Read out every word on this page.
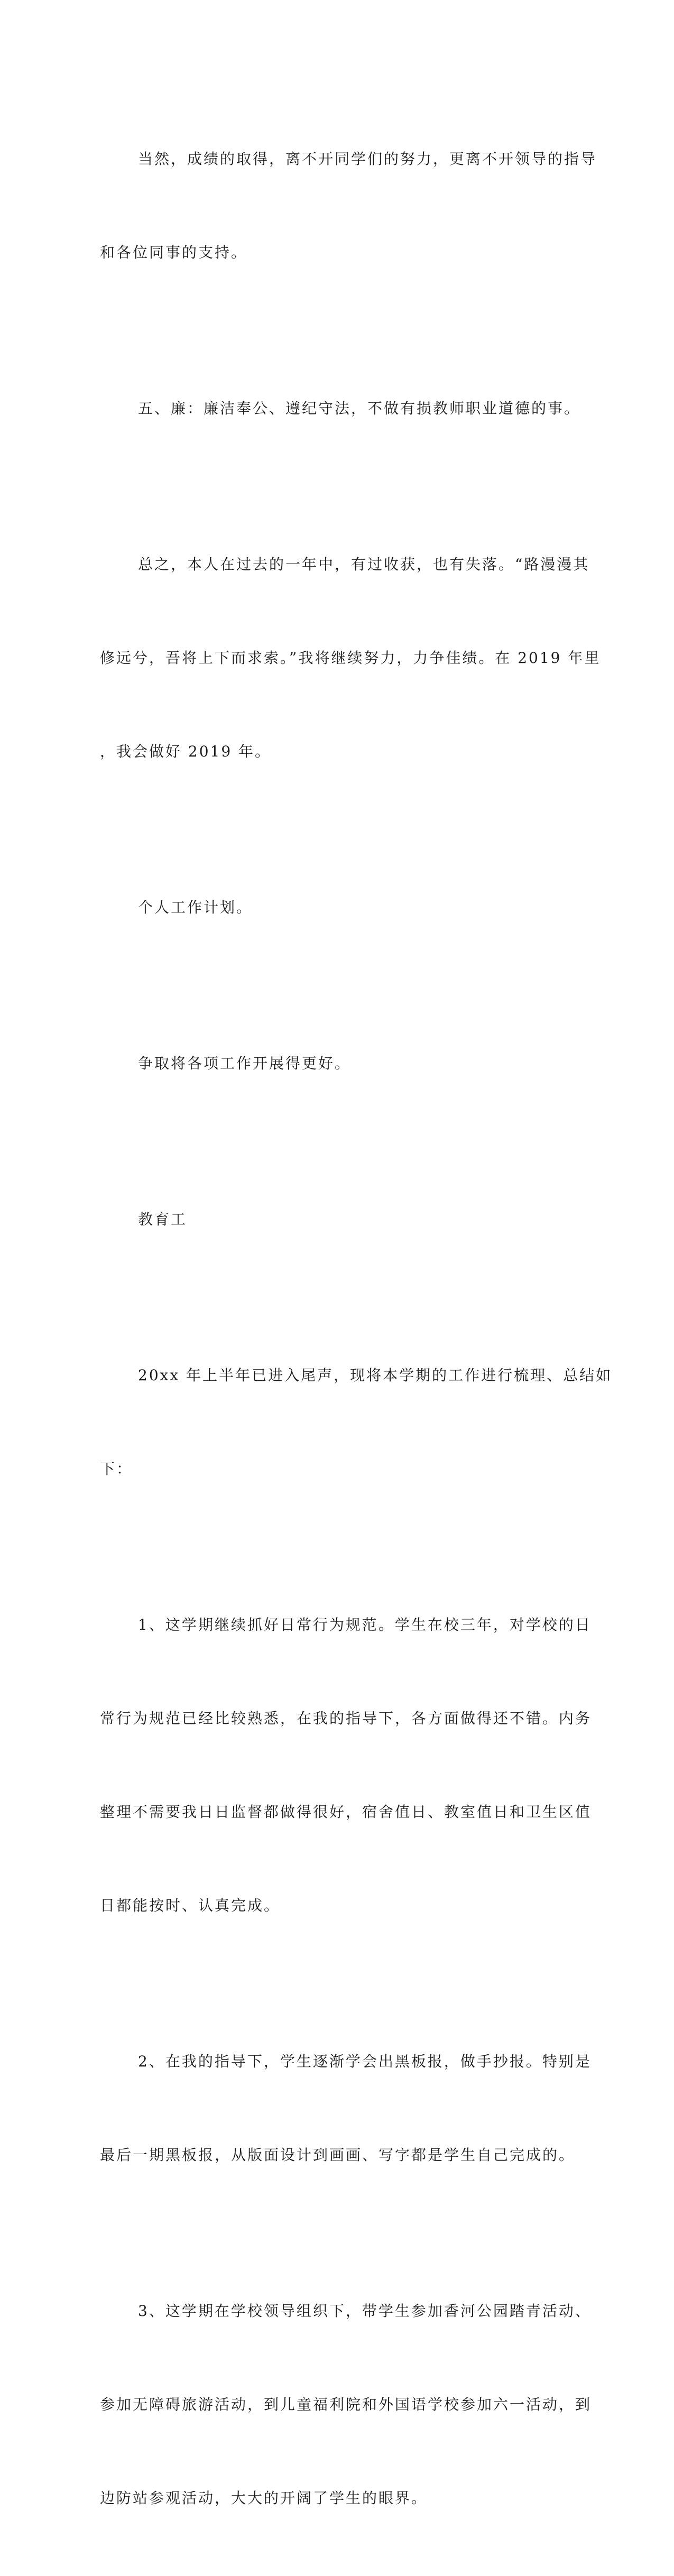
当然，成绩的取得，离不开同学们的努力，更离不开领导的指导

和各位同事的支持。

五、廉：廉洁奉公、遵纪守法，不做有损教师职业道德的事。

总之，本人在过去的一年中，有过收获，也有失落。“路漫漫其

修远兮，吾将上下而求索。”我将继续努力，力争佳绩。在 2019 年里

，我会做好 2019 年。

个人工作计划。

争取将各项工作开展得更好。

教育工

20xx 年上半年已进入尾声，现将本学期的工作进行梳理、总结如

下：

1、这学期继续抓好日常行为规范。学生在校三年，对学校的日

常行为规范已经比较熟悉，在我的指导下，各方面做得还不错。内务

整理不需要我日日监督都做得很好，宿舍值日、教室值日和卫生区值

日都能按时、认真完成。

2、在我的指导下，学生逐渐学会出黑板报，做手抄报。特别是

最后一期黑板报，从版面设计到画画、写字都是学生自己完成的。

3、这学期在学校领导组织下，带学生参加香河公园踏青活动、

参加无障碍旅游活动，到儿童福利院和外国语学校参加六一活动，到

边防站参观活动，大大的开阔了学生的眼界。
